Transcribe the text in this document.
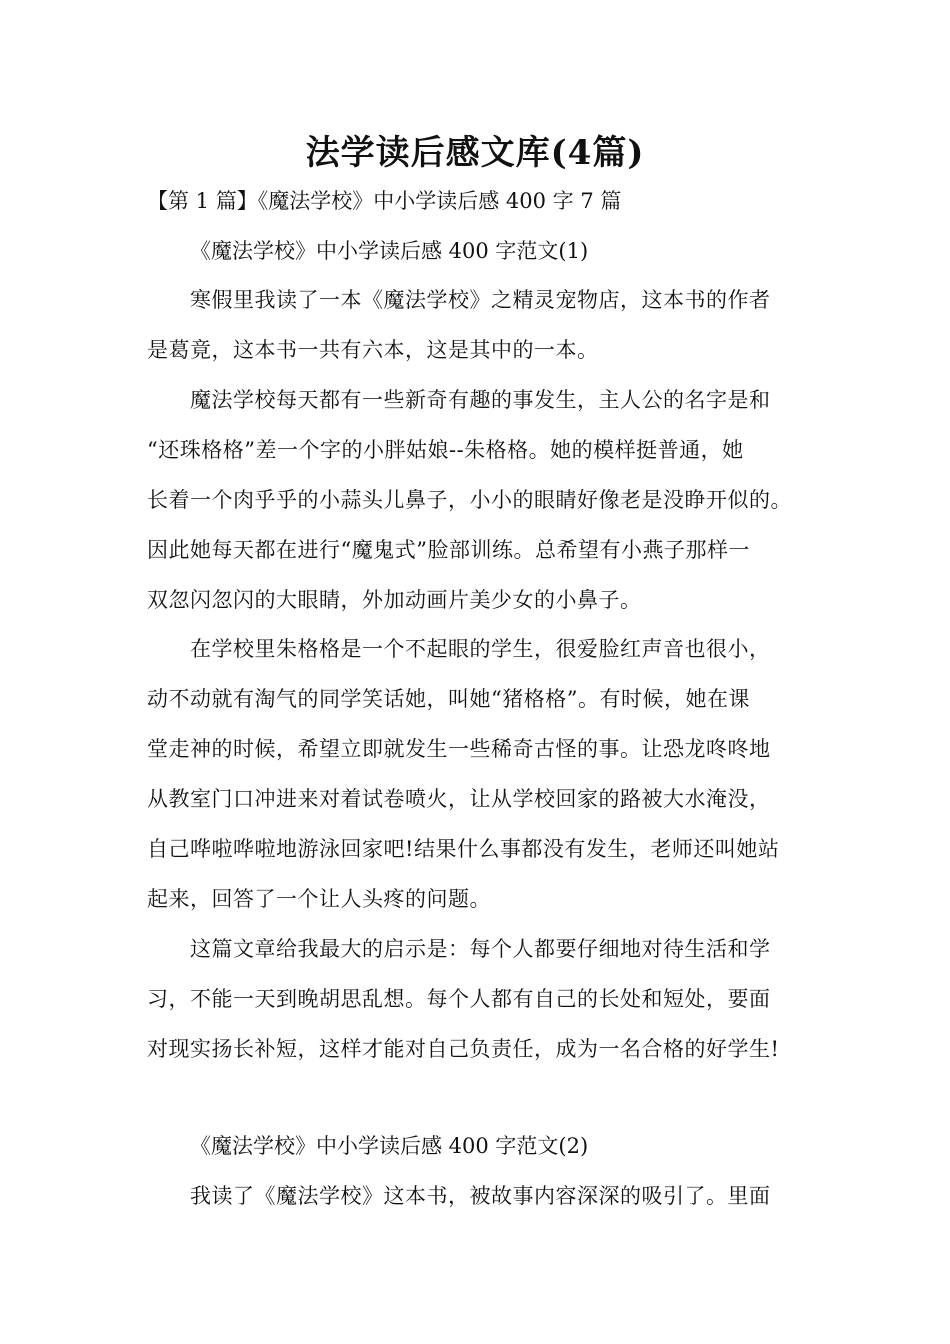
法学读后感文库(4篇)
【第 1 篇】《魔法学校》中小学读后感 400 字 7 篇
《魔法学校》中小学读后感 400 字范文(1)
寒假里我读了一本《魔法学校》之精灵宠物店，这本书的作者
是葛竟，这本书一共有六本，这是其中的一本。
魔法学校每天都有一些新奇有趣的事发生，主人公的名字是和
“还珠格格”差一个字的小胖姑娘--朱格格。她的模样挺普通，她
长着一个肉乎乎的小蒜头儿鼻子，小小的眼睛好像老是没睁开似的。
因此她每天都在进行“魔鬼式”脸部训练。总希望有小燕子那样一
双忽闪忽闪的大眼睛，外加动画片美少女的小鼻子。
在学校里朱格格是一个不起眼的学生，很爱脸红声音也很小，
动不动就有淘气的同学笑话她，叫她“猪格格”。有时候，她在课
堂走神的时候，希望立即就发生一些稀奇古怪的事。让恐龙咚咚地
从教室门口冲进来对着试卷喷火，让从学校回家的路被大水淹没，
自己哗啦哗啦地游泳回家吧!结果什么事都没有发生，老师还叫她站
起来，回答了一个让人头疼的问题。
这篇文章给我最大的启示是：每个人都要仔细地对待生活和学
习，不能一天到晚胡思乱想。每个人都有自己的长处和短处，要面
对现实扬长补短，这样才能对自己负责任，成为一名合格的好学生!
《魔法学校》中小学读后感 400 字范文(2)
我读了《魔法学校》这本书，被故事内容深深的吸引了。里面
